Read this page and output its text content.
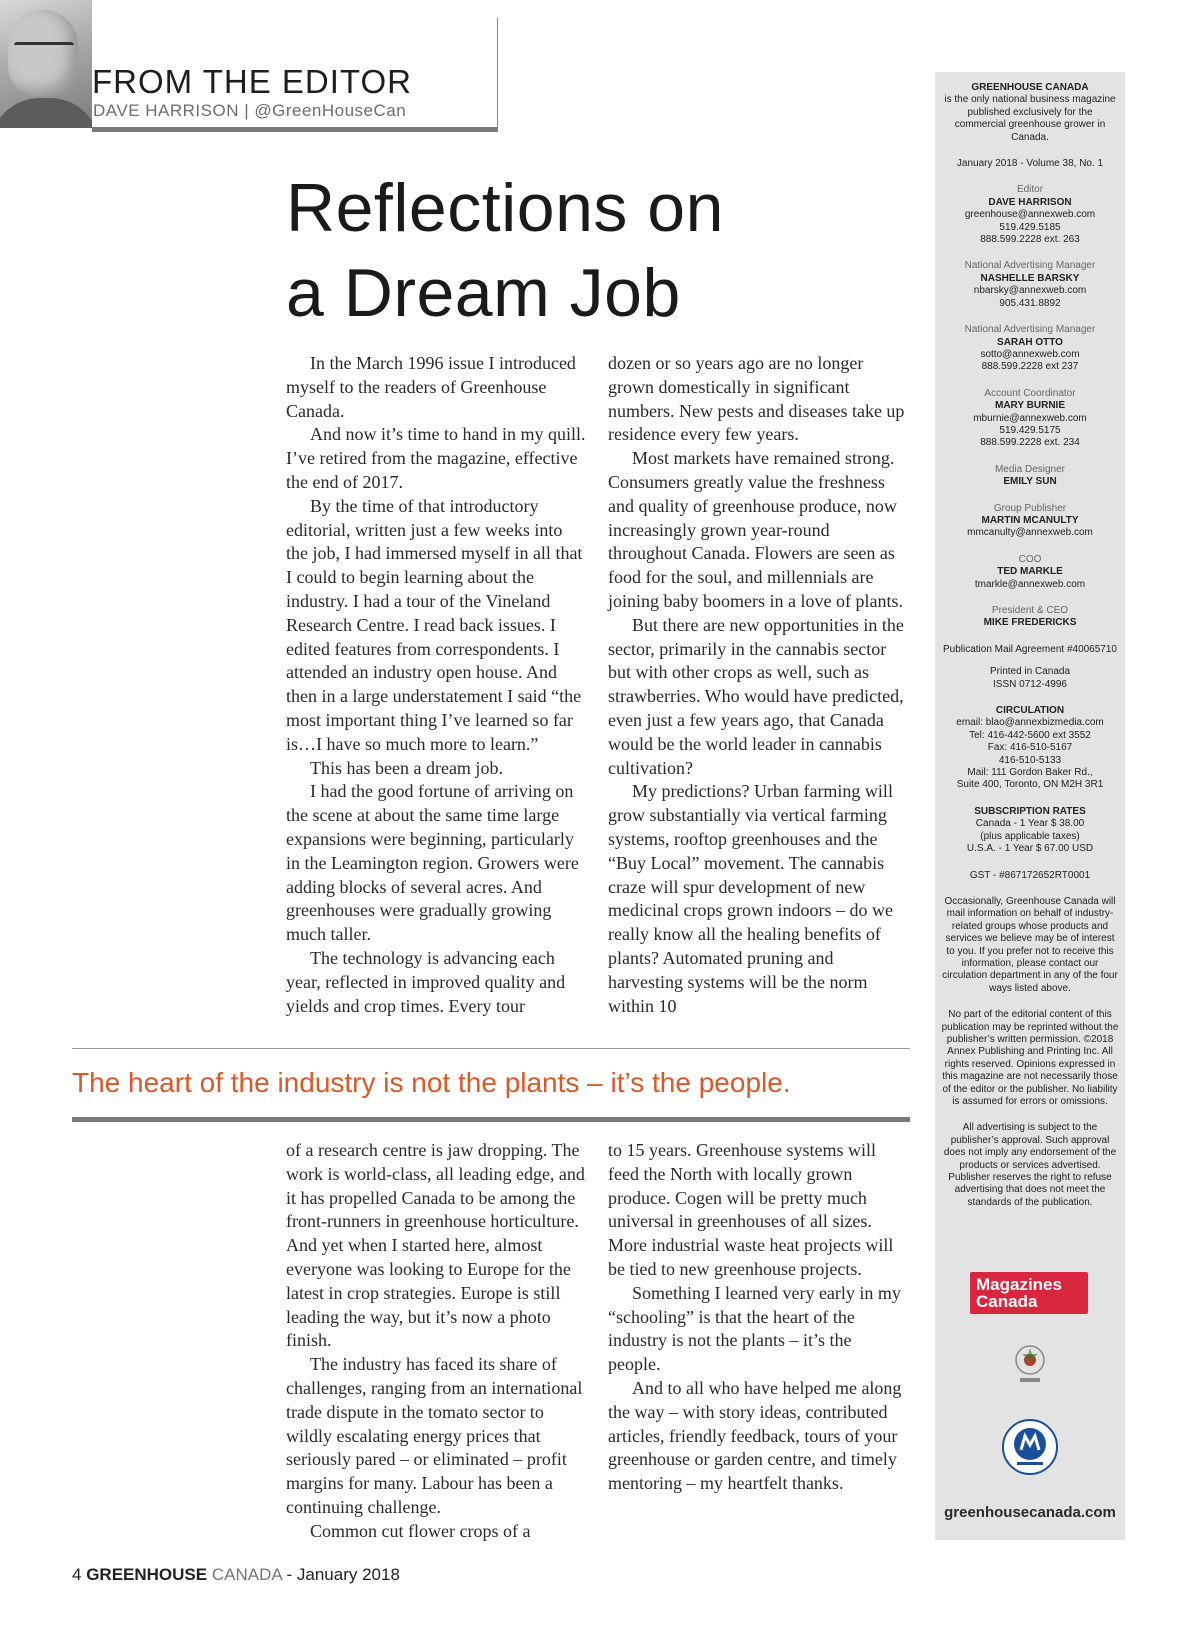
FROM THE EDITOR
DAVE HARRISON | @GreenHouseCan
Reflections on
a Dream Job

In the March 1996 issue I introduced myself to the readers of Greenhouse Canada.

And now it’s time to hand in my quill. I’ve retired from the magazine, effective the end of 2017.

By the time of that introductory editorial, written just a few weeks into the job, I had immersed myself in all that I could to begin learning about the industry. I had a tour of the Vineland Research Centre. I read back issues. I edited features from correspondents. I attended an industry open house. And then in a large understatement I said “the most important thing I’ve learned so far is…I have so much more to learn.”

This has been a dream job.

I had the good fortune of arriving on the scene at about the same time large expansions were beginning, particularly in the Leamington region. Growers were adding blocks of several acres. And greenhouses were gradually growing much taller.

The technology is advancing each year, reflected in improved quality and yields and crop times. Every tour

dozen or so years ago are no longer grown domestically in significant numbers. New pests and diseases take up residence every few years.

Most markets have remained strong. Consumers greatly value the freshness and quality of greenhouse produce, now increasingly grown year-round throughout Canada. Flowers are seen as food for the soul, and millennials are joining baby boomers in a love of plants.

But there are new opportunities in the sector, primarily in the cannabis sector but with other crops as well, such as strawberries. Who would have predicted, even just a few years ago, that Canada would be the world leader in cannabis cultivation?

My predictions? Urban farming will grow substantially via vertical farming systems, rooftop greenhouses and the “Buy Local” movement. The cannabis craze will spur development of new medicinal crops grown indoors – do we really know all the healing benefits of plants? Automated pruning and harvesting systems will be the norm within 10

The heart of the industry is not the plants – it’s the people.

of a research centre is jaw dropping. The work is world-class, all leading edge, and it has propelled Canada to be among the front-runners in greenhouse horticulture. And yet when I started here, almost everyone was looking to Europe for the latest in crop strategies. Europe is still leading the way, but it’s now a photo finish.

The industry has faced its share of challenges, ranging from an international trade dispute in the tomato sector to wildly escalating energy prices that seriously pared – or eliminated – profit margins for many. Labour has been a continuing challenge.

Common cut flower crops of a

to 15 years. Greenhouse systems will feed the North with locally grown produce. Cogen will be pretty much universal in greenhouses of all sizes. More industrial waste heat projects will be tied to new greenhouse projects.

Something I learned very early in my “schooling” is that the heart of the industry is not the plants – it’s the people.

And to all who have helped me along the way – with story ideas, contributed articles, friendly feedback, tours of your greenhouse or garden centre, and timely mentoring – my heartfelt thanks.

GREENHOUSE CANADA
is the only national business magazine published exclusively for the commercial greenhouse grower in Canada.
January 2018 - Volume 38, No. 1
Editor
DAVE HARRISON
greenhouse@annexweb.com
519.429.5185
888.599.2228 ext. 263
National Advertising Manager
NASHELLE BARSKY
nbarsky@annexweb.com
905.431.8892
National Advertising Manager
SARAH OTTO
sotto@annexweb.com
888.599.2228 ext 237
Account Coordinator
MARY BURNIE
mburnie@annexweb.com
519.429.5175
888.599.2228 ext. 234
Media Designer
EMILY SUN
Group Publisher
MARTIN MCANULTY
mmcanulty@annexweb.com
COO
TED MARKLE
tmarkle@annexweb.com
President & CEO
MIKE FREDERICKS
Publication Mail Agreement #40065710
Printed in Canada
ISSN 0712-4996
CIRCULATION
email: blao@annexbizmedia.com
Tel: 416-442-5600 ext 3552
Fax: 416-510-5167
416-510-5133
Mail: 111 Gordon Baker Rd.,
Suite 400, Toronto, ON M2H 3R1
SUBSCRIPTION RATES
Canada - 1 Year $ 38.00
(plus applicable taxes)
U.S.A. - 1 Year $ 67.00 USD
GST - #867172652RT0001
Occasionally, Greenhouse Canada will mail information on behalf of industry-related groups whose products and services we believe may be of interest to you. If you prefer not to receive this information, please contact our circulation department in any of the four ways listed above.
No part of the editorial content of this publication may be reprinted without the publisher’s written permission. ©2018 Annex Publishing and Printing Inc. All rights reserved. Opinions expressed in this magazine are not necessarily those of the editor or the publisher. No liability is assumed for errors or omissions.
All advertising is subject to the publisher’s approval. Such approval does not imply any endorsement of the products or services advertised. Publisher reserves the right to refuse advertising that does not meet the standards of the publication.
Magazines
Canada
greenhousecanada.com
4 GREENHOUSE CANADA - January 2018
